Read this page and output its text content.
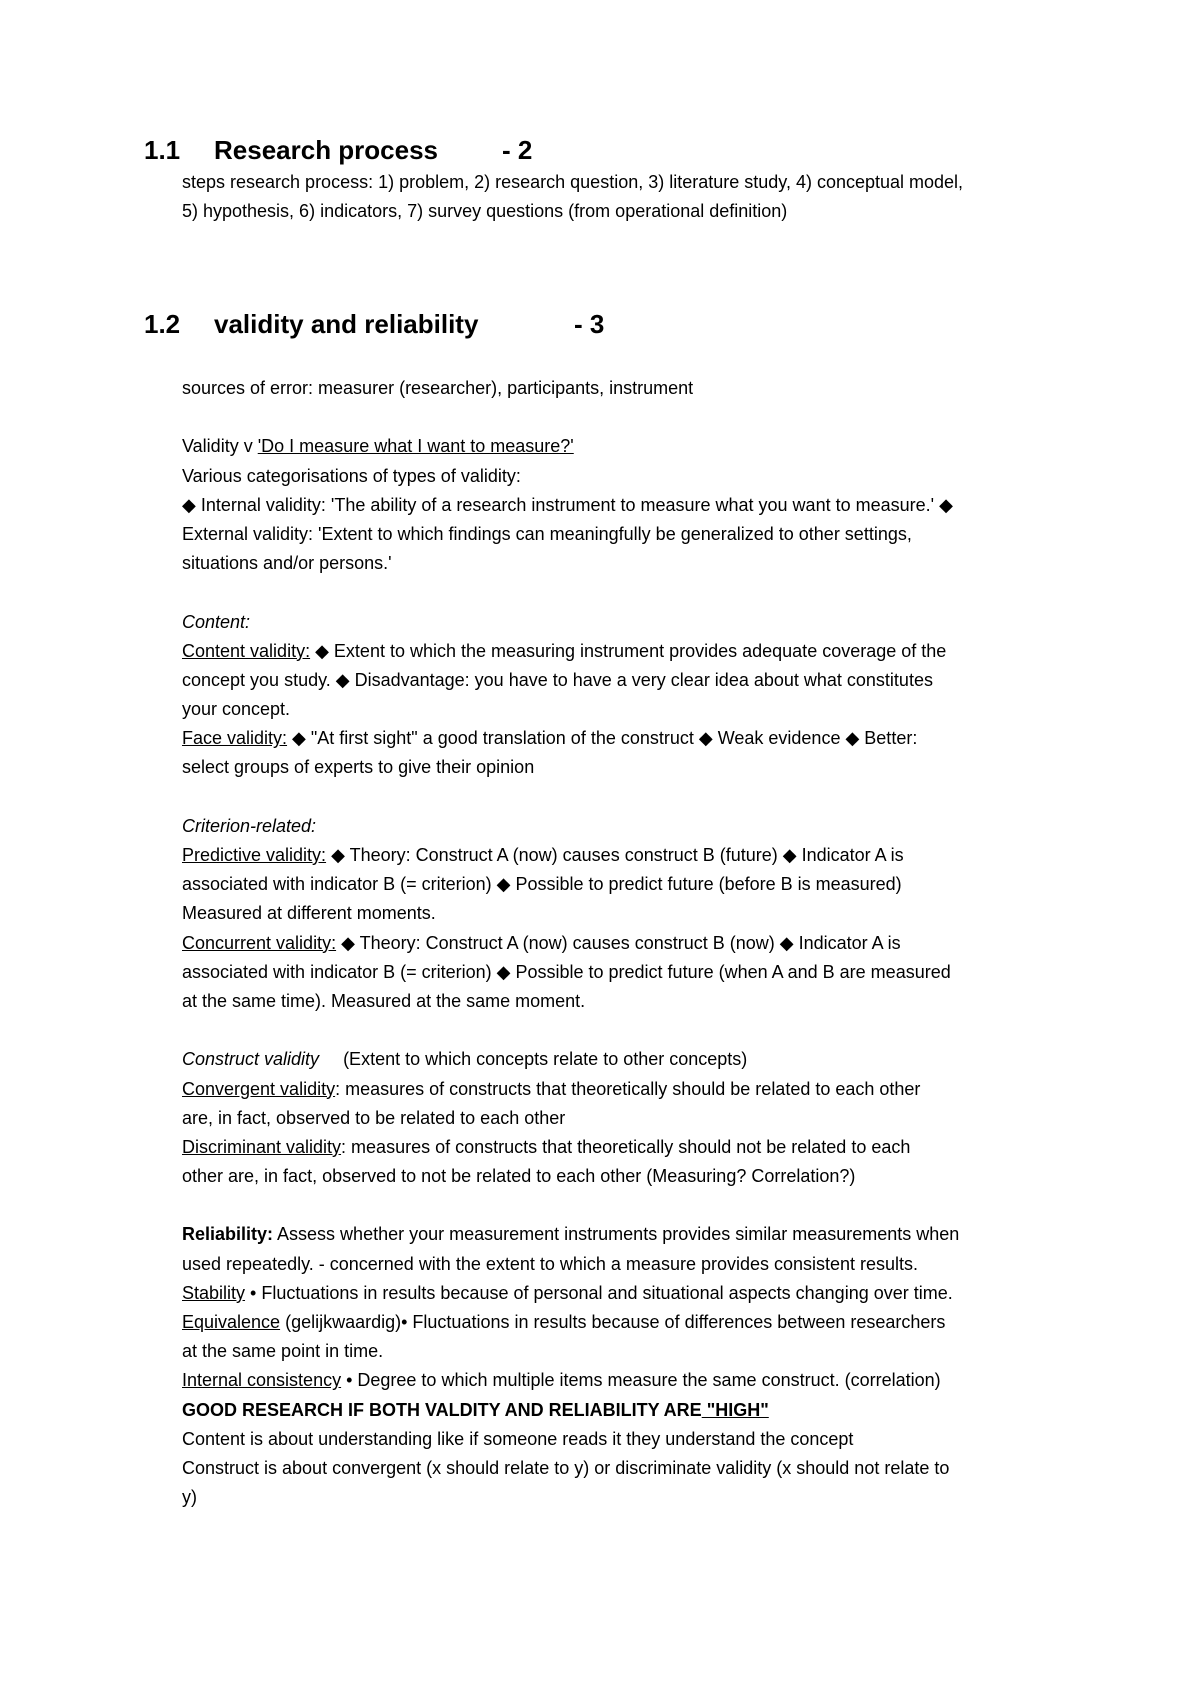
1.1 Research process - 2
steps research process: 1) problem, 2) research question, 3) literature study, 4) conceptual model,
5) hypothesis, 6) indicators, 7) survey questions (from operational definition)
1.2 validity and reliability	- 3
sources of error: measurer (researcher), participants, instrument
Validity v 'Do I measure what I want to measure?'
Various categorisations of types of validity:
◆ Internal validity: 'The ability of a research instrument to measure what you want to measure.' ◆
External validity: 'Extent to which findings can meaningfully be generalized to other settings,
situations and/or persons.'
Content:
Content validity: ◆ Extent to which the measuring instrument provides adequate coverage of the
concept you study. ◆ Disadvantage: you have to have a very clear idea about what constitutes
your concept.
Face validity: ◆ "At first sight" a good translation of the construct ◆ Weak evidence ◆ Better:
select groups of experts to give their opinion
Criterion-related:
Predictive validity: ◆ Theory: Construct A (now) causes construct B (future) ◆ Indicator A is
associated with indicator B (= criterion) ◆ Possible to predict future (before B is measured)
Measured at different moments.
Concurrent validity: ◆ Theory: Construct A (now) causes construct B (now) ◆ Indicator A is
associated with indicator B (= criterion) ◆ Possible to predict future (when A and B are measured
at the same time). Measured at the same moment.
Construct validity (Extent to which concepts relate to other concepts)
Convergent validity: measures of constructs that theoretically should be related to each other
are, in fact, observed to be related to each other
Discriminant validity: measures of constructs that theoretically should not be related to each
other are, in fact, observed to not be related to each other (Measuring? Correlation?)
Reliability: Assess whether your measurement instruments provides similar measurements when
used repeatedly. - concerned with the extent to which a measure provides consistent results.
Stability • Fluctuations in results because of personal and situational aspects changing over time.
Equivalence (gelijkwaardig)• Fluctuations in results because of differences between researchers
at the same point in time.
Internal consistency • Degree to which multiple items measure the same construct. (correlation)
GOOD RESEARCH IF BOTH VALDITY AND RELIABILITY ARE "HIGH"
Content is about understanding like if someone reads it they understand the concept
Construct is about convergent (x should relate to y) or discriminate validity (x should not relate to
y)
